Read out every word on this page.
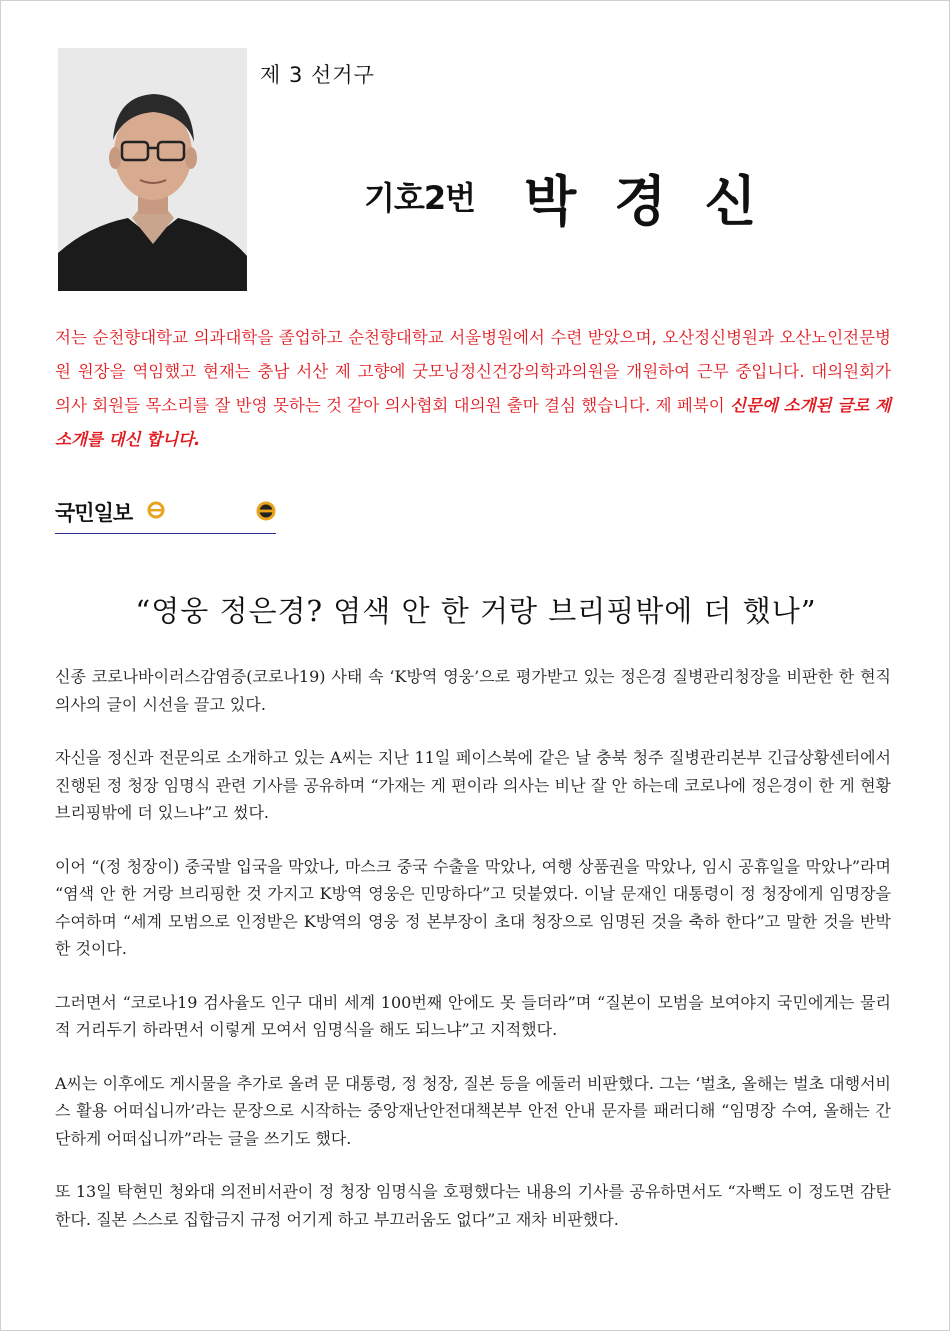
제 3 선거구
기호2번 박경신
저는 순천향대학교 의과대학을 졸업하고 순천향대학교 서울병원에서 수련 받았으며, 오산정신병원과 오산노인전문병원 원장을 역임했고 현재는 충남 서산 제 고향에 굿모닝정신건강의학과의원을 개원하여 근무 중입니다. 대의원회가 의사 회원들 목소리를 잘 반영 못하는 것 같아 의사협회 대의원 출마 결심 했습니다. 제 페북이 신문에 소개된 글로 제 소개를 대신 합니다.
국민일보
“영웅 정은경? 염색 안 한 거랑 브리핑밖에 더 했나”

신종 코로나바이러스감염증(코로나19) 사태 속 ‘K방역 영웅’으로 평가받고 있는 정은경 질병관리청장을 비판한 한 현직 의사의 글이 시선을 끌고 있다.

자신을 정신과 전문의로 소개하고 있는 A씨는 지난 11일 페이스북에 같은 날 충북 청주 질병관리본부 긴급상황센터에서 진행된 정 청장 임명식 관련 기사를 공유하며 “가재는 게 편이라 의사는 비난 잘 안 하는데 코로나에 정은경이 한 게 현황 브리핑밖에 더 있느냐”고 썼다.

이어 “(정 청장이) 중국발 입국을 막았나, 마스크 중국 수출을 막았나, 여행 상품권을 막았나, 임시 공휴일을 막았나”라며 “염색 안 한 거랑 브리핑한 것 가지고 K방역 영웅은 민망하다”고 덧붙였다. 이날 문재인 대통령이 정 청장에게 임명장을 수여하며 “세계 모범으로 인정받은 K방역의 영웅 정 본부장이 초대 청장으로 임명된 것을 축하 한다”고 말한 것을 반박한 것이다.

그러면서 “코로나19 검사율도 인구 대비 세계 100번째 안에도 못 들더라”며 “질본이 모범을 보여야지 국민에게는 물리적 거리두기 하라면서 이렇게 모여서 임명식을 해도 되느냐”고 지적했다.

A씨는 이후에도 게시물을 추가로 올려 문 대통령, 정 청장, 질본 등을 에둘러 비판했다. 그는 ‘벌초, 올해는 벌초 대행서비스 활용 어떠십니까’라는 문장으로 시작하는 중앙재난안전대책본부 안전 안내 문자를 패러디해 “임명장 수여, 올해는 간단하게 어떠십니까”라는 글을 쓰기도 했다.

또 13일 탁현민 청와대 의전비서관이 정 청장 임명식을 호평했다는 내용의 기사를 공유하면서도 “자뻑도 이 정도면 감탄한다. 질본 스스로 집합금지 규정 어기게 하고 부끄러움도 없다”고 재차 비판했다.
